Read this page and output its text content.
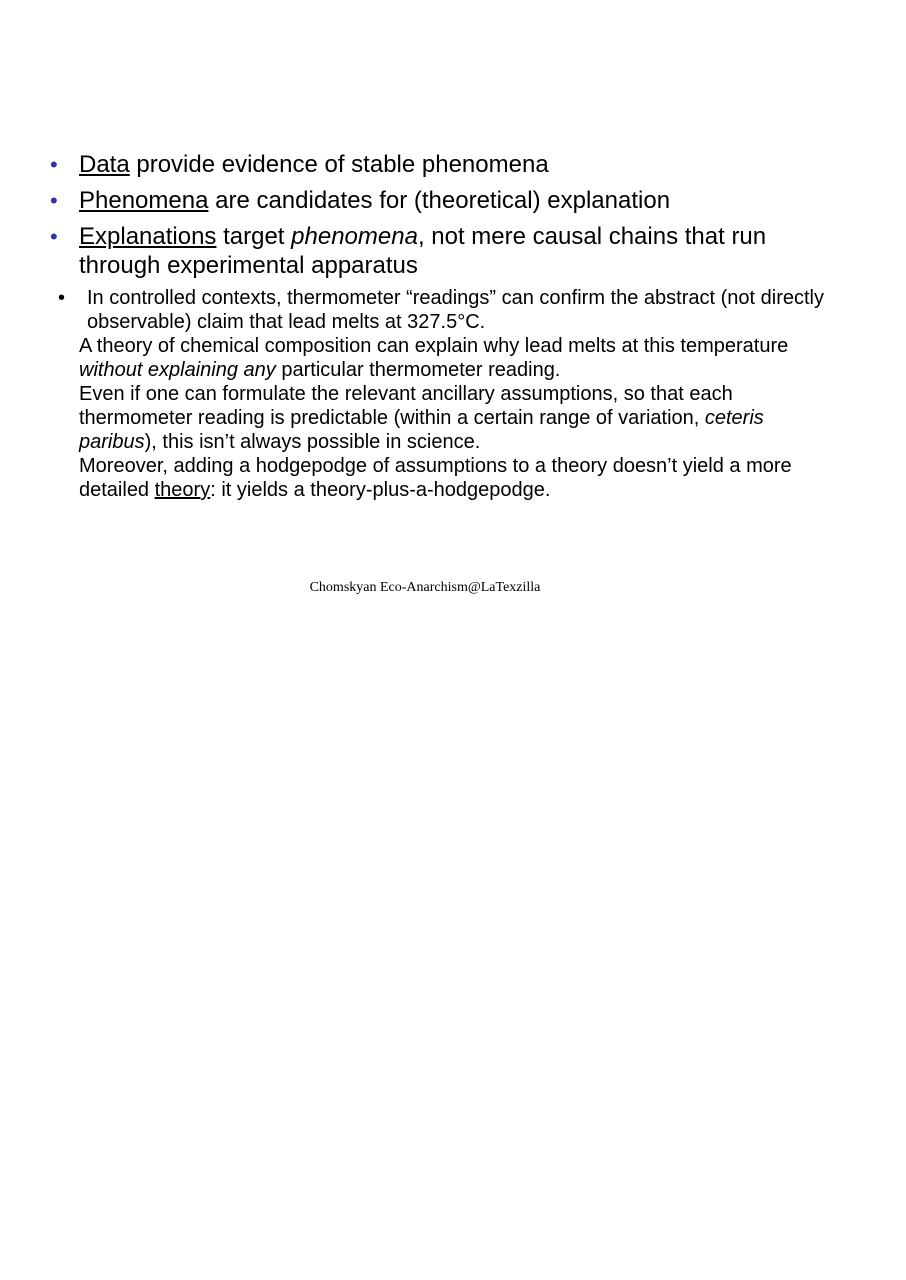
• Data provide evidence of stable phenomena
• Phenomena are candidates for (theoretical) explanation
• Explanations target phenomena, not mere causal chains that run through experimental apparatus
• In controlled contexts, thermometer “readings” can confirm the abstract (not directly observable) claim that lead melts at 327.5°C.
A theory of chemical composition can explain why lead melts at this temperature without explaining any particular thermometer reading.
Even if one can formulate the relevant ancillary assumptions, so that each thermometer reading is predictable (within a certain range of variation, ceteris paribus), this isn’t always possible in science.
Moreover, adding a hodgepodge of assumptions to a theory doesn’t yield a more detailed theory: it yields a theory-plus-a-hodgepodge.
Chomskyan Eco-Anarchism@LaTexzilla
